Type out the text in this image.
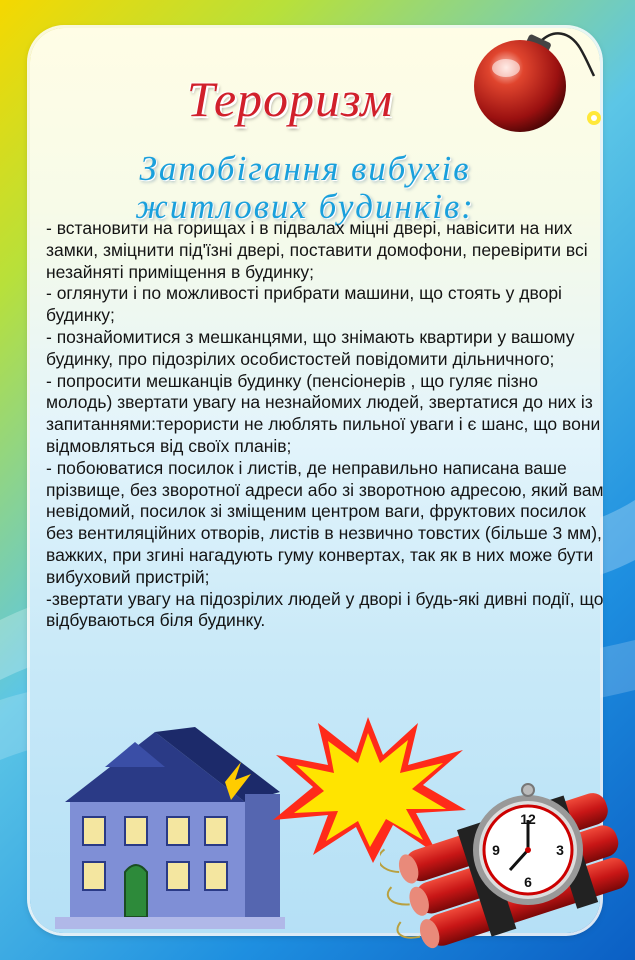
Тероризм
Запобігання вибухів
житлових будинків:

- встановити на горищах і в підвалах міцні двері, навісити на них замки, зміцнити під'їзні двері, поставити домофони, перевірити всі незайняті приміщення в будинку;

- оглянути і по можливості прибрати машини, що стоять у дворі будинку;

- познайомитися з мешканцями, що знімають квартири у вашому будинку, про підозрілих особистостей повідомити дільничного;

- попросити мешканців будинку (пенсіонерів , що гуляє пізно молодь) звертати увагу на незнайомих людей, звертатися до них із запитаннями:терористи не люблять пильної уваги і є шанс, що вони відмовляться від своїх планів;

- побоюватися посилок і листів, де неправильно написана ваше прізвище, без зворотної адреси або зі зворотною адресою, який вам невідомий, посилок зі зміщеним центром ваги, фруктових посилок без вентиляційних отворів, листів в незвично товстих (більше 3 мм), важких, при згині нагадують гуму конвертах, так як в них може бути вибуховий пристрій;

-звертати увагу на підозрілих людей у дворі і будь-які дивні події, що відбуваються біля будинку.

12
3
6
9
